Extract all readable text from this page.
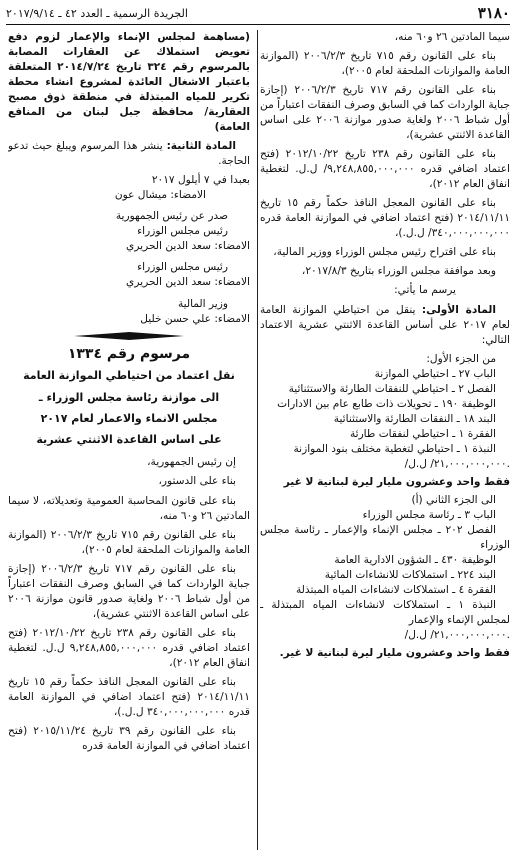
٣١٨٠
الجريدة الرسمية ـ العدد ٤٢ ـ ٢٠١٧/٩/١٤

سيما المادتين ٢٦ و٦٠ منه،

بناء على القانون رقم ٧١٥ تاريخ ٢٠٠٦/٢/٣ (الموازنة العامة والموازنات الملحقة لعام ٢٠٠٥)،

بناء على القانون رقم ٧١٧ تاريخ ٢٠٠٦/٢/٣ (إجازة جباية الواردات كما في السابق وصرف النفقات اعتباراً من أول شباط ٢٠٠٦ ولغاية صدور موازنة ٢٠٠٦ على اساس القاعدة الاثنتي عشرية)،

بناء على القانون رقم ٢٣٨ تاريخ ٢٠١٢/١٠/٢٢ (فتح اعتماد اضافي قدره ٩,٢٤٨,٨٥٥,٠٠٠,٠٠٠/ ل.ل. لتغطية انفاق العام ٢٠١٢)،

بناء على القانون المعجل النافذ حكماً رقم ١٥ تاريخ ٢٠١٤/١١/١١ (فتح اعتماد اضافي في الموازنة العامة قدره ٣٤٠,٠٠٠,٠٠٠,٠٠٠/ ل.ل.)،

بناء على اقتراح رئيس مجلس الوزراء ووزير المالية،

وبعد موافقة مجلس الوزراء بتاريخ ٢٠١٧/٨/٣،

يرسم ما يأتي:

المادة الأولى: ينقل من احتياطي الموازنة العامة لعام ٢٠١٧ على أساس القاعدة الاثنتي عشرية الاعتماد التالي:

من الجزء الأول:

الباب ٢٧ ـ احتياطي الموازنة

الفصل ٢ ـ احتياطي للنفقات الطارئة والاستثنائية

الوظيفة ١٩٠ ـ تحويلات ذات طابع عام بين الادارات

البند ١٨ ـ النفقات الطارئة والاستثنائية

الفقرة ١ ـ احتياطي لنفقات طارئة

النبذة ١ ـ احتياطي لتغطية مختلف بنود الموازنة

/٢١,٠٠٠,٠٠٠,٠٠٠/ ل.ل.

فقط واحد وعشرون مليار ليرة لبنانية لا غير

الى الجزء الثاني (أ)

الباب ٣ ـ رئاسة مجلس الوزراء

الفصل ٢٠٢ ـ مجلس الإنماء والإعمار ـ رئاسة مجلس الوزراء

الوظيفة ٤٣٠ ـ الشؤون الادارية العامة

البند ٢٢٤ ـ استملاكات للانشاءات المائية

الفقرة ٤ ـ استملاكات لانشاءات المياه المبتذلة

النبذة ١ ـ استملاكات لانشاءات المياه المبتذلة ـ لمجلس الإنماء والإعمار

/٢١,٠٠٠,٠٠٠,٠٠٠/ ل.ل.

فقط واحد وعشرون مليار ليرة لبنانية لا غير.

(مساهمة لمجلس الإنماء والإعمار لزوم دفع تعويض استملاك عن العقارات المصابة بالمرسوم رقم ٣٢٤ تاريخ ٢٠١٤/٧/٢٤ المتعلقة باعتبار الاشغال العائدة لمشروع انشاء محطة تكرير للمياه المبتذلة في منطقة ذوق مصبح العقارية/ محافظة جبل لبنان من المنافع العامة)

المادة الثانية: ينشر هذا المرسوم ويبلغ حيث تدعو الحاجة.

بعبدا في ٧ أيلول ٢٠١٧

الامضاء: ميشال عون

صدر عن رئيس الجمهورية

رئيس مجلس الوزراء

الامضاء: سعد الدين الحريري

رئيس مجلس الوزراء

الامضاء: سعد الدين الحريري

وزير المالية

الامضاء: علي حسن خليل

مرسوم رقم ١٣٣٤
نقل اعتماد من احتياطي الموازنة العامة
الى موازنة رئاسة مجلس الوزراء ـ
مجلس الانماء والاعمار لعام ٢٠١٧
على اساس القاعدة الاثنتي عشرية

إن رئيس الجمهورية،

بناء على الدستور،

بناء على قانون المحاسبة العمومية وتعديلاته، لا سيما المادتين ٢٦ و٦٠ منه،

بناء على القانون رقم ٧١٥ تاريخ ٢٠٠٦/٢/٣ (الموازنة العامة والموازنات الملحقة لعام ٢٠٠٥)،

بناء على القانون رقم ٧١٧ تاريخ ٢٠٠٦/٢/٣ (إجازة جباية الواردات كما في السابق وصرف النفقات اعتباراً من أول شباط ٢٠٠٦ ولغاية صدور قانون موازنة ٢٠٠٦ على اساس القاعدة الاثنتي عشرية)،

بناء على القانون رقم ٢٣٨ تاريخ ٢٠١٢/١٠/٢٢ (فتح اعتماد اضافي قدره ٩,٢٤٨,٨٥٥,٠٠٠,٠٠٠ ل.ل. لتغطية انفاق العام ٢٠١٢)،

بناء على القانون المعجل النافذ حكماً رقم ١٥ تاريخ ٢٠١٤/١١/١١ (فتح اعتماد اضافي في الموازنة العامة قدره ٣٤٠,٠٠٠,٠٠٠,٠٠٠ ل.ل.)،

بناء على القانون رقم ٣٩ تاريخ ٢٠١٥/١١/٢٤ (فتح اعتماد اضافي في الموازنة العامة قدره
